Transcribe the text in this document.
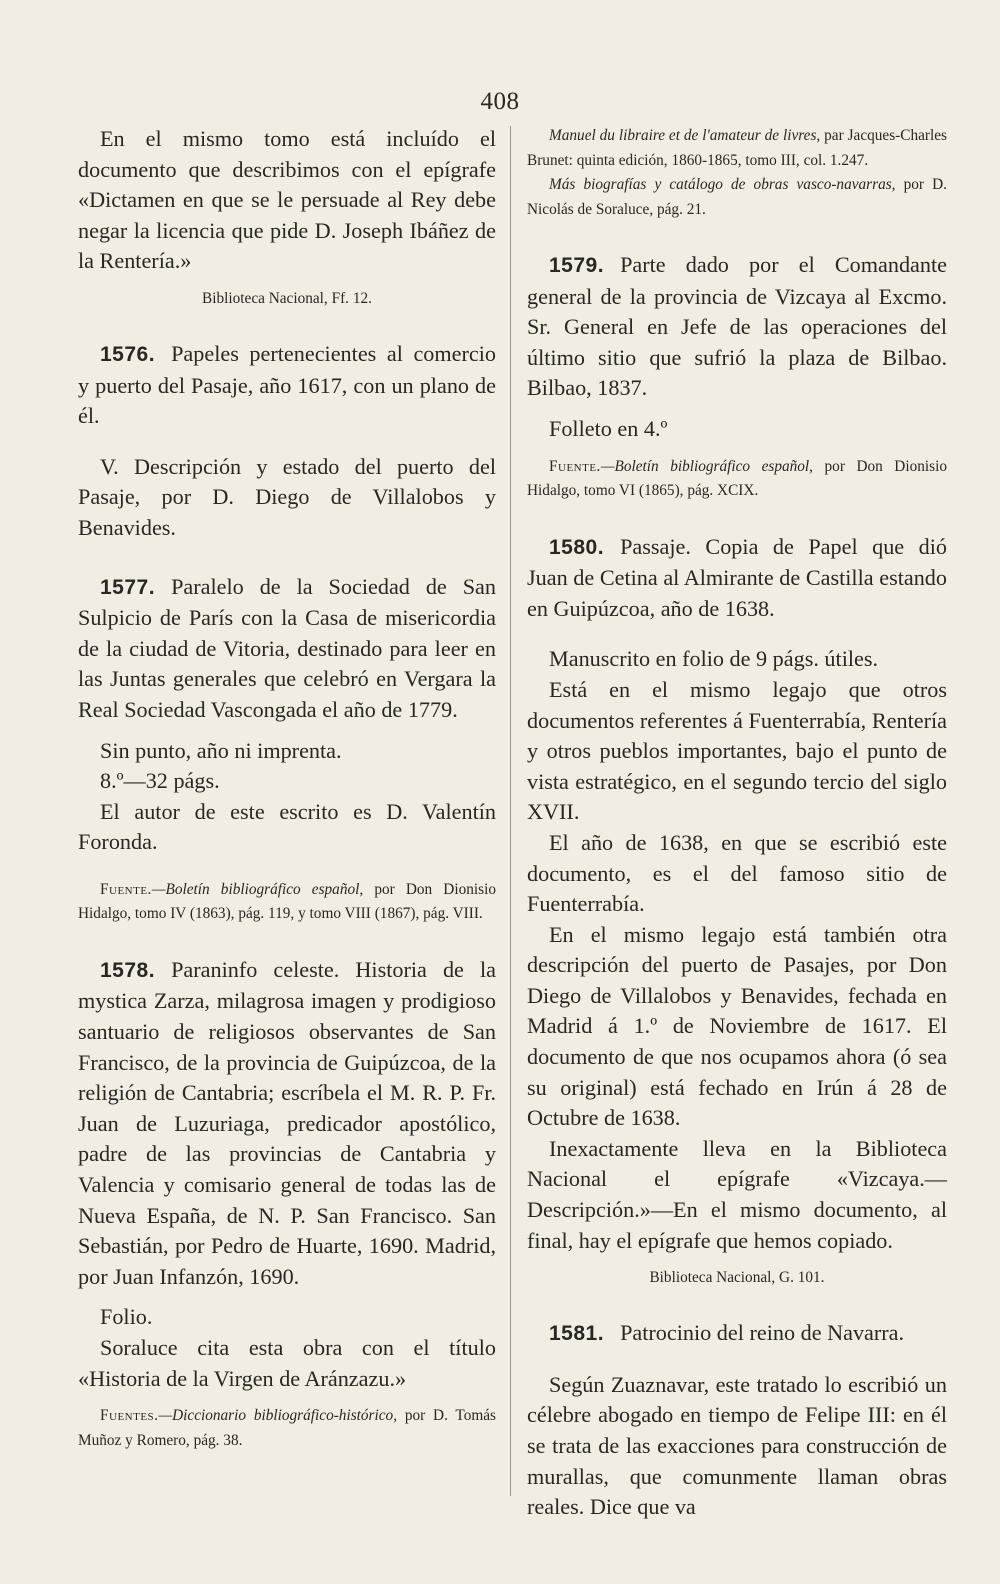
408

En el mismo tomo está incluído el documento que describimos con el epígrafe «Dictamen en que se le persuade al Rey debe negar la licencia que pide D. Joseph Ibáñez de la Rentería.»

Biblioteca Nacional, Ff. 12.

1576. Papeles pertenecientes al comercio y puerto del Pasaje, año 1617, con un plano de él.

V. Descripción y estado del puerto del Pasaje, por D. Diego de Villalobos y Benavides.

1577. Paralelo de la Sociedad de San Sulpicio de París con la Casa de misericordia de la ciudad de Vitoria, destinado para leer en las Juntas generales que celebró en Vergara la Real Sociedad Vascongada el año de 1779.

Sin punto, año ni imprenta.

8.º—32 págs.

El autor de este escrito es D. Valentín Foronda.

Fuente.—Boletín bibliográfico español, por Don Dionisio Hidalgo, tomo IV (1863), pág. 119, y tomo VIII (1867), pág. VIII.

1578. Paraninfo celeste. Historia de la mystica Zarza, milagrosa imagen y prodigioso santuario de religiosos observantes de San Francisco, de la provincia de Guipúzcoa, de la religión de Cantabria; escríbela el M. R. P. Fr. Juan de Luzuriaga, predicador apostólico, padre de las provincias de Cantabria y Valencia y comisario general de todas las de Nueva España, de N. P. San Francisco. San Sebastián, por Pedro de Huarte, 1690. Madrid, por Juan Infanzón, 1690.

Folio.

Soraluce cita esta obra con el título «Historia de la Virgen de Aránzazu.»

Fuentes.—Diccionario bibliográfico-histórico, por D. Tomás Muñoz y Romero, pág. 38.

Manuel du libraire et de l'amateur de livres, par Jacques-Charles Brunet: quinta edición, 1860-1865, tomo III, col. 1.247.

Más biografías y catálogo de obras vasco-navarras, por D. Nicolás de Soraluce, pág. 21.

1579. Parte dado por el Comandante general de la provincia de Vizcaya al Excmo. Sr. General en Jefe de las operaciones del último sitio que sufrió la plaza de Bilbao. Bilbao, 1837.

Folleto en 4.º

Fuente.—Boletín bibliográfico español, por Don Dionisio Hidalgo, tomo VI (1865), pág. XCIX.

1580. Passaje. Copia de Papel que dió Juan de Cetina al Almirante de Castilla estando en Guipúzcoa, año de 1638.

Manuscrito en folio de 9 págs. útiles.

Está en el mismo legajo que otros documentos referentes á Fuenterrabía, Rentería y otros pueblos importantes, bajo el punto de vista estratégico, en el segundo tercio del siglo XVII.

El año de 1638, en que se escribió este documento, es el del famoso sitio de Fuenterrabía.

En el mismo legajo está también otra descripción del puerto de Pasajes, por Don Diego de Villalobos y Benavides, fechada en Madrid á 1.º de Noviembre de 1617. El documento de que nos ocupamos ahora (ó sea su original) está fechado en Irún á 28 de Octubre de 1638.

Inexactamente lleva en la Biblioteca Nacional el epígrafe «Vizcaya.—Descripción.»—En el mismo documento, al final, hay el epígrafe que hemos copiado.

Biblioteca Nacional, G. 101.

1581. Patrocinio del reino de Navarra.

Según Zuaznavar, este tratado lo escribió un célebre abogado en tiempo de Felipe III: en él se trata de las exacciones para construcción de murallas, que comunmente llaman obras reales. Dice que va
